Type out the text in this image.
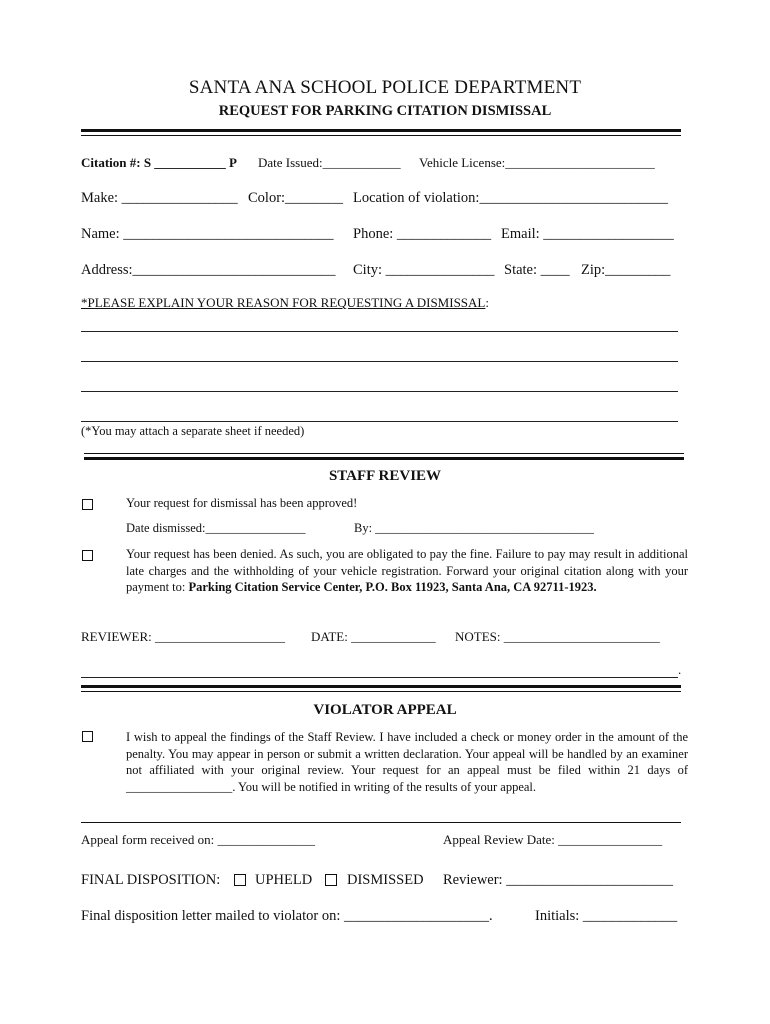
SANTA ANA SCHOOL POLICE DEPARTMENT
REQUEST FOR PARKING CITATION DISMISSAL
Citation #: S ___________ P Date Issued:____________ Vehicle License:_______________________
Make: ________________ Color:________ Location of violation:__________________________
Name: _____________________________ Phone: _____________ Email: __________________
Address:____________________________ City: _______________ State: ____ Zip:_________
*PLEASE EXPLAIN YOUR REASON FOR REQUESTING A DISMISSAL:
(*You may attach a separate sheet if needed)
STAFF REVIEW
Your request for dismissal has been approved!
Date dismissed:________________	By: ___________________________________
Your request has been denied. As such, you are obligated to pay the fine. Failure to pay may result in additional late charges and the withholding of your vehicle registration. Forward your original citation along with your payment to: Parking Citation Service Center, P.O. Box 11923, Santa Ana, CA 92711-1923.
REVIEWER: ____________________ DATE: _____________ NOTES: ________________________
.
VIOLATOR APPEAL
I wish to appeal the findings of the Staff Review. I have included a check or money order in the amount of the penalty. You may appear in person or submit a written declaration. Your appeal will be handled by an examiner not affiliated with your original review. Your request for an appeal must be filed within 21 days of _________________. You will be notified in writing of the results of your appeal.
Appeal form received on: _______________	Appeal Review Date: ________________
FINAL DISPOSITION: UPHELD DISMISSED Reviewer: _______________________
Final disposition letter mailed to violator on: ____________________.	Initials: _____________
